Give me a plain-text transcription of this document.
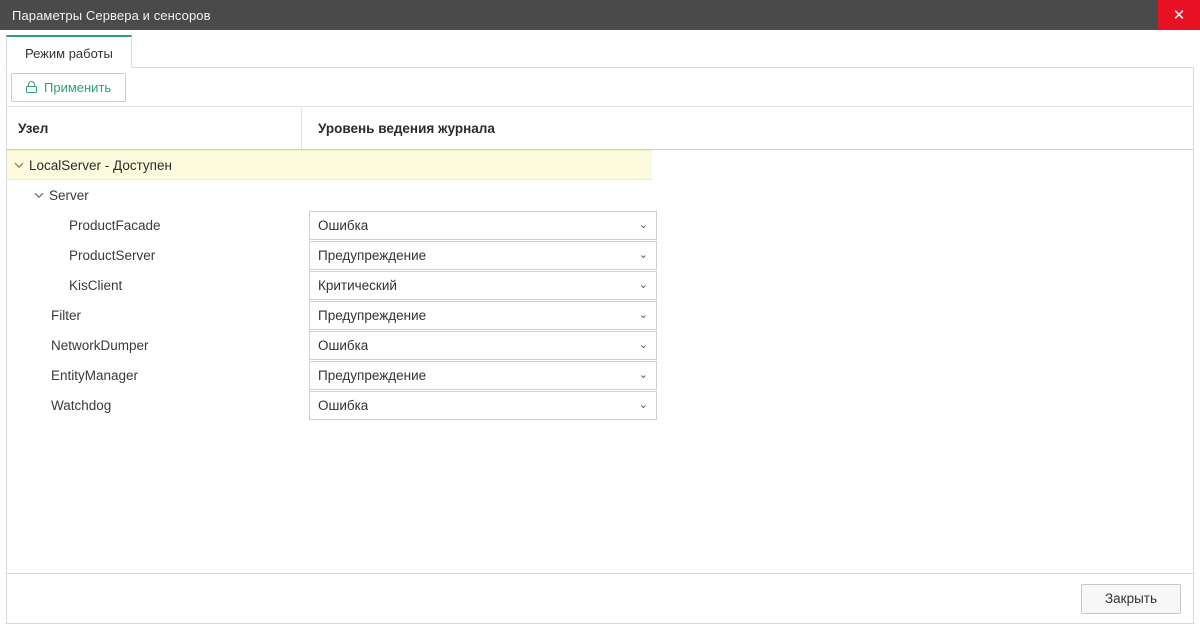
Параметры Сервера и сенсоров	✕
Режим работы
Применить
Узел	Уровень ведения журнала
LocalServer - Доступен
Server
ProductFacade	Ошибка	⌄
ProductServer	Предупреждение	⌄
KisClient	Критический	⌄
Filter	Предупреждение	⌄
NetworkDumper	Ошибка	⌄
EntityManager	Предупреждение	⌄
Watchdog	Ошибка	⌄
Закрыть
